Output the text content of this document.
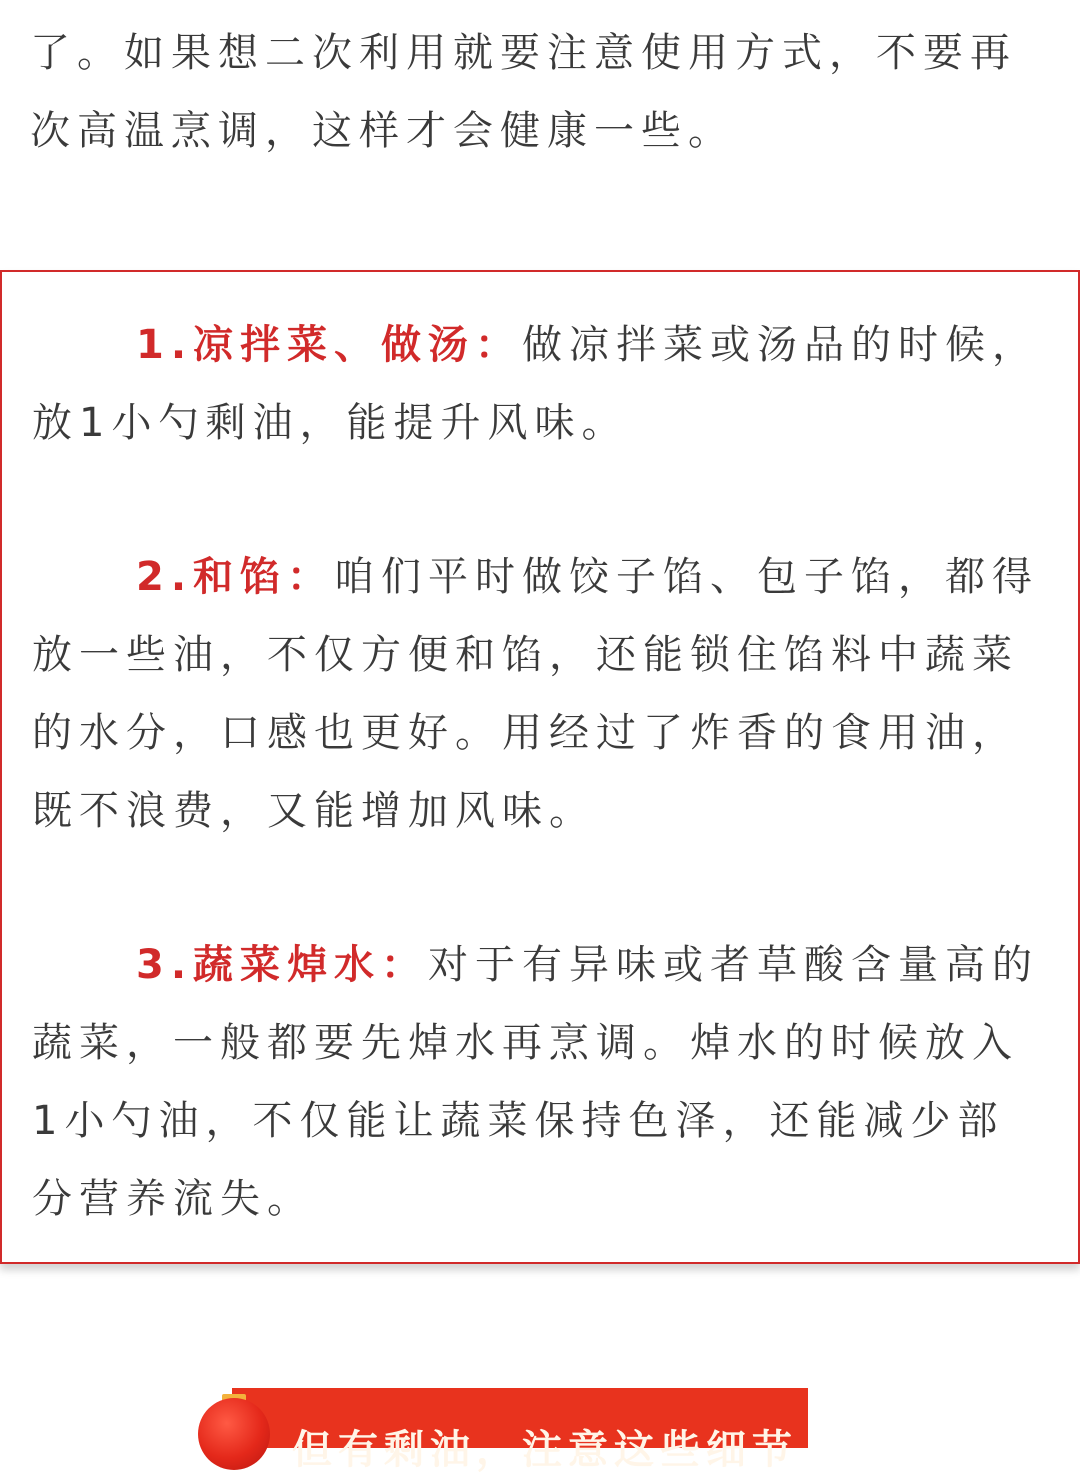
了。如果想二次利用就要注意使用方式，不要再次高温烹调，这样才会健康一些。

1.凉拌菜、做汤：做凉拌菜或汤品的时候，放1小勺剩油，能提升风味。

2.和馅：咱们平时做饺子馅、包子馅，都得放一些油，不仅方便和馅，还能锁住馅料中蔬菜的水分，口感也更好。用经过了炸香的食用油，既不浪费，又能增加风味。

3.蔬菜焯水：对于有异味或者草酸含量高的蔬菜，一般都要先焯水再烹调。焯水的时候放入1小勺油，不仅能让蔬菜保持色泽，还能减少部分营养流失。

但有剩油，注意这些细节
